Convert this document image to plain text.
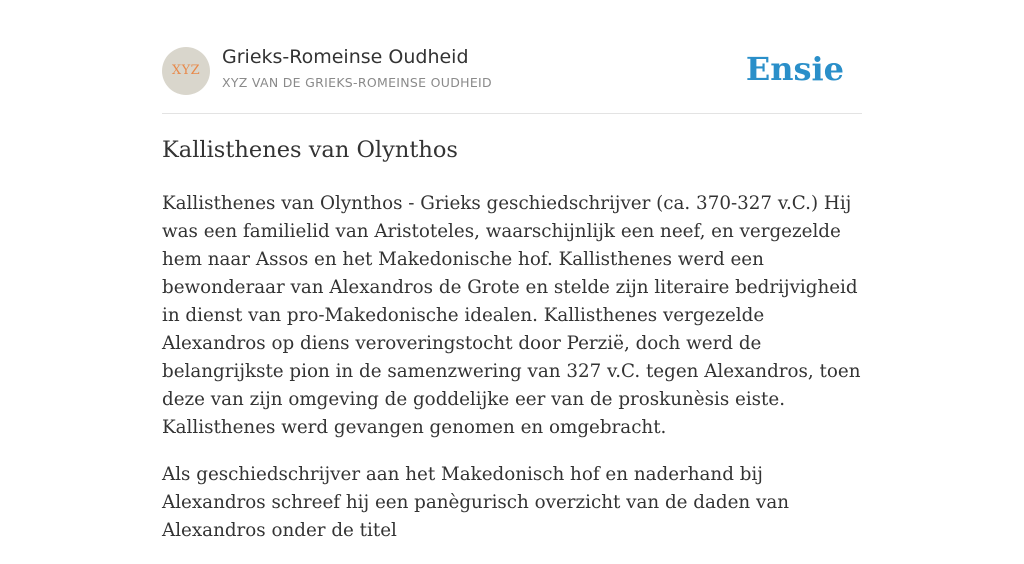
XYZ
Grieks-Romeinse Oudheid
XYZ VAN DE GRIEKS-ROMEINSE OUDHEID	Ensie
Kallisthenes van Olynthos

Kallisthenes van Olynthos - Grieks geschiedschrijver (ca. 370-327 v.C.) Hij was een familielid van Aristoteles, waarschijnlijk een neef, en vergezelde hem naar Assos en het Makedonische hof. Kallisthenes werd een bewonderaar van Alexandros de Grote en stelde zijn literaire bedrijvigheid in dienst van pro-Makedonische idealen. Kallisthenes vergezelde Alexandros op diens veroveringstocht door Perzië, doch werd de belangrijkste pion in de samenzwering van 327 v.C. tegen Alexandros, toen deze van zijn omgeving de goddelijke eer van de proskunèsis eiste. Kallisthenes werd gevangen genomen en omgebracht.

Als geschiedschrijver aan het Makedonisch hof en naderhand bij Alexandros schreef hij een panègurisch overzicht van de daden van Alexandros onder de titel
